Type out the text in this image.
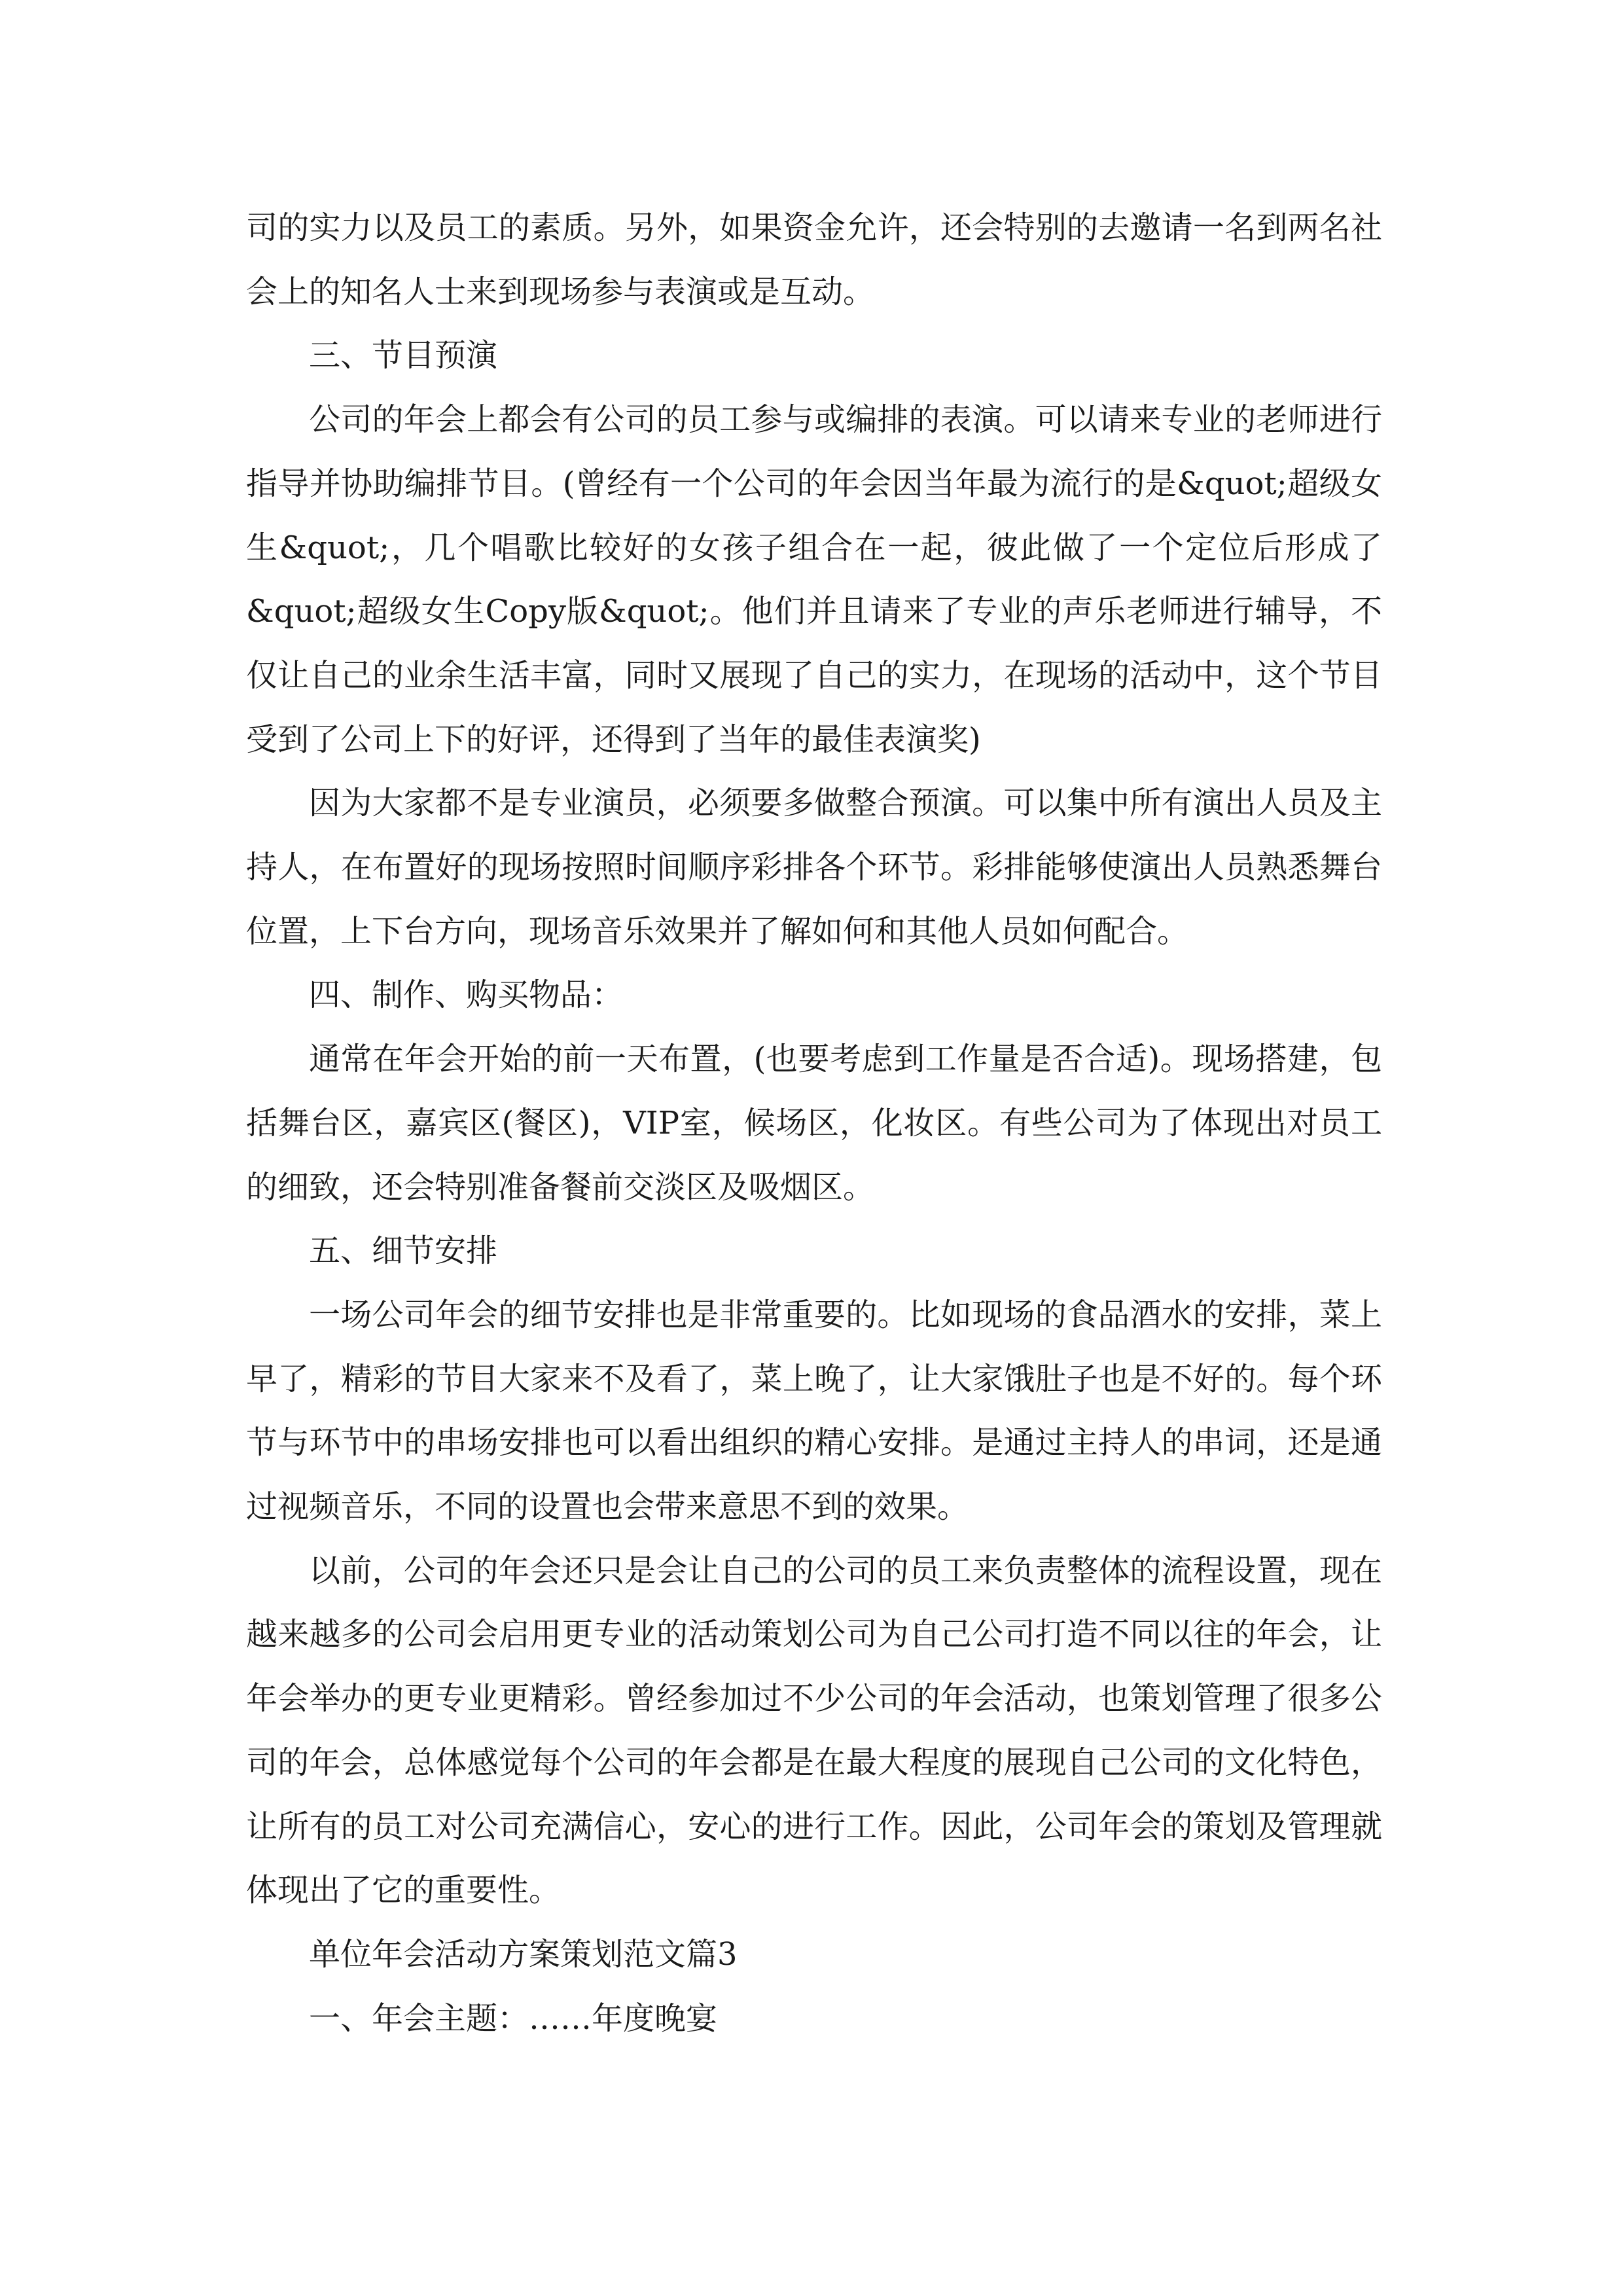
司的实力以及员工的素质。另外，如果资金允许，还会特别的去邀请一名到两名社会上的知名人士来到现场参与表演或是互动。

三、节目预演

公司的年会上都会有公司的员工参与或编排的表演。可以请来专业的老师进行指导并协助编排节目。(曾经有一个公司的年会因当年最为流行的是&quot;超级女生&quot;，几个唱歌比较好的女孩子组合在一起，彼此做了一个定位后形成了&quot;超级女生Copy版&quot;。他们并且请来了专业的声乐老师进行辅导，不仅让自己的业余生活丰富，同时又展现了自己的实力，在现场的活动中，这个节目受到了公司上下的好评，还得到了当年的最佳表演奖)

因为大家都不是专业演员，必须要多做整合预演。可以集中所有演出人员及主持人，在布置好的现场按照时间顺序彩排各个环节。彩排能够使演出人员熟悉舞台位置，上下台方向，现场音乐效果并了解如何和其他人员如何配合。

四、制作、购买物品：

通常在年会开始的前一天布置，(也要考虑到工作量是否合适)。现场搭建，包括舞台区，嘉宾区(餐区)，VIP室，候场区，化妆区。有些公司为了体现出对员工的细致，还会特别准备餐前交淡区及吸烟区。

五、细节安排

一场公司年会的细节安排也是非常重要的。比如现场的食品酒水的安排，菜上早了，精彩的节目大家来不及看了，菜上晚了，让大家饿肚子也是不好的。每个环节与环节中的串场安排也可以看出组织的精心安排。是通过主持人的串词，还是通过视频音乐，不同的设置也会带来意思不到的效果。

以前，公司的年会还只是会让自己的公司的员工来负责整体的流程设置，现在越来越多的公司会启用更专业的活动策划公司为自己公司打造不同以往的年会，让年会举办的更专业更精彩。曾经参加过不少公司的年会活动，也策划管理了很多公司的年会，总体感觉每个公司的年会都是在最大程度的展现自己公司的文化特色，让所有的员工对公司充满信心，安心的进行工作。因此，公司年会的策划及管理就体现出了它的重要性。

单位年会活动方案策划范文篇3

一、年会主题：……年度晚宴
